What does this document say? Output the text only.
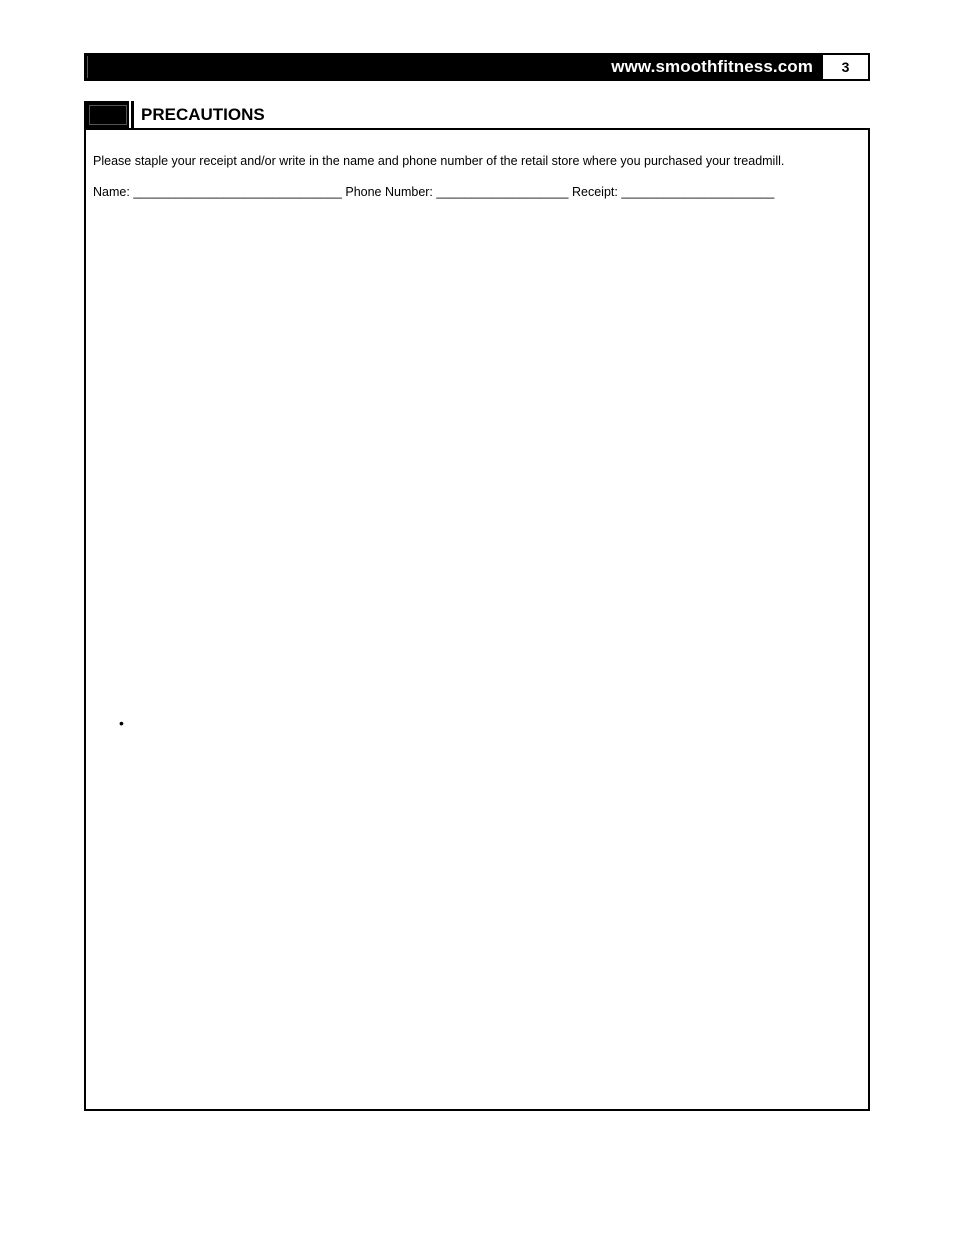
www.smoothfitness.com	3
PRECAUTIONS
Please staple your receipt and/or write in the name and phone number of the retail store where you purchased your treadmill.
Name: ______________________________ Phone Number: ___________________ Receipt: ______________________
•
